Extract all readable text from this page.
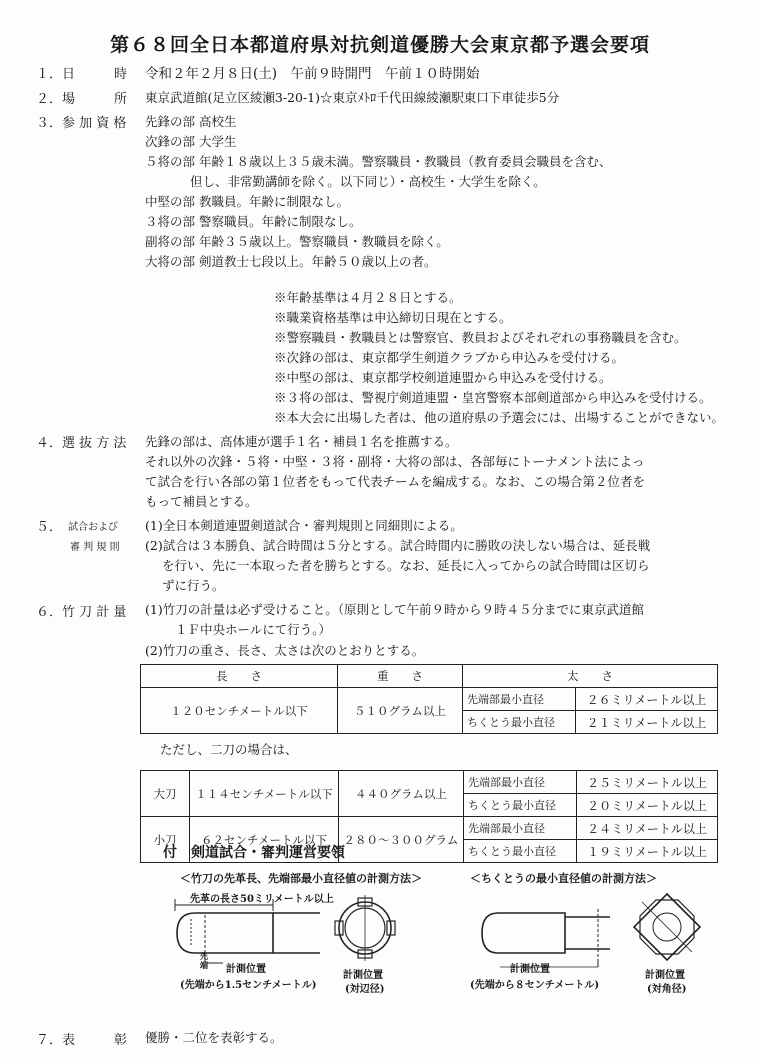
第６８回全日本都道府県対抗剣道優勝大会東京都予選会要項
１．日　　　時 令和２年２月８日(土)　午前９時開門　午前１０時開始
２．場　　　所 東京武道館(足立区綾瀬3-20-1)☆東京ﾒﾄﾛ千代田線綾瀬駅東口下車徒歩5分
３．参 加 資 格 先鋒の部 高校生
次鋒の部 大学生
５将の部 年齢１８歳以上３５歳未満。警察職員・教職員（教育委員会職員を含む、
但し、非常勤講師を除く。以下同じ）・高校生・大学生を除く。
中堅の部 教職員。年齢に制限なし。
３将の部 警察職員。年齢に制限なし。
副将の部 年齢３５歳以上。警察職員・教職員を除く。
大将の部 剣道教士七段以上。年齢５０歳以上の者。
※年齢基準は４月２８日とする。
※職業資格基準は申込締切日現在とする。
※警察職員・教職員とは警察官、教員およびそれぞれの事務職員を含む。
※次鋒の部は、東京都学生剣道クラブから申込みを受付ける。
※中堅の部は、東京都学校剣道連盟から申込みを受付ける。
※３将の部は、警視庁剣道連盟・皇宮警察本部剣道部から申込みを受付ける。
※本大会に出場した者は、他の道府県の予選会には、出場することができない。
４．選 抜 方 法 先鋒の部は、高体連が選手１名・補員１名を推薦する。
それ以外の次鋒・５将・中堅・３将・副将・大将の部は、各部毎にトーナメント法によっ
て試合を行い各部の第１位者をもって代表チームを編成する。なお、この場合第２位者を
もって補員とする。
５． 試合および
審 判 規 則
(1)全日本剣道連盟剣道試合・審判規則と同細則による。
(2)試合は３本勝負、試合時間は５分とする。試合時間内に勝敗の決しない場合は、延長戦
を行い、先に一本取った者を勝ちとする。なお、延長に入ってからの試合時間は区切ら
ずに行う。
６．竹 刀 計 量 (1)竹刀の計量は必ず受けること。（原則として午前９時から９時４５分までに東京武道館
１Ｆ中央ホールにて行う。）
(2)竹刀の重さ、長さ、太さは次のとおりとする。
長　　さ	重　　さ	太　　さ	
１２０センチメートル以下	５１０グラム以上	先端部最小直径	２６ミリメートル以上
		ちくとう最小直径	２１ミリメートル以上
ただし、二刀の場合は、
大刀	１１４センチメートル以下	４４０グラム以上	先端部最小直径	２５ミリメートル以上
			ちくとう最小直径	２０ミリメートル以上
小刀	６２センチメートル以下	２８０～３００グラム	先端部最小直径	２４ミリメートル以上
			ちくとう最小直径	１９ミリメートル以上
付　剣道試合・審判運営要領
＜竹刀の先革長、先端部最小直径値の計測方法＞
先革の長さ50ミリメートル以上
＜ちくとうの最小直径値の計測方法＞
先端 計測位置
(先端から1.5センチメートル)
計測位置
(対辺径)
計測位置
(先端から８センチメートル)
計測位置
(対角径)
７．表　　　彰 優勝・二位を表彰する。
